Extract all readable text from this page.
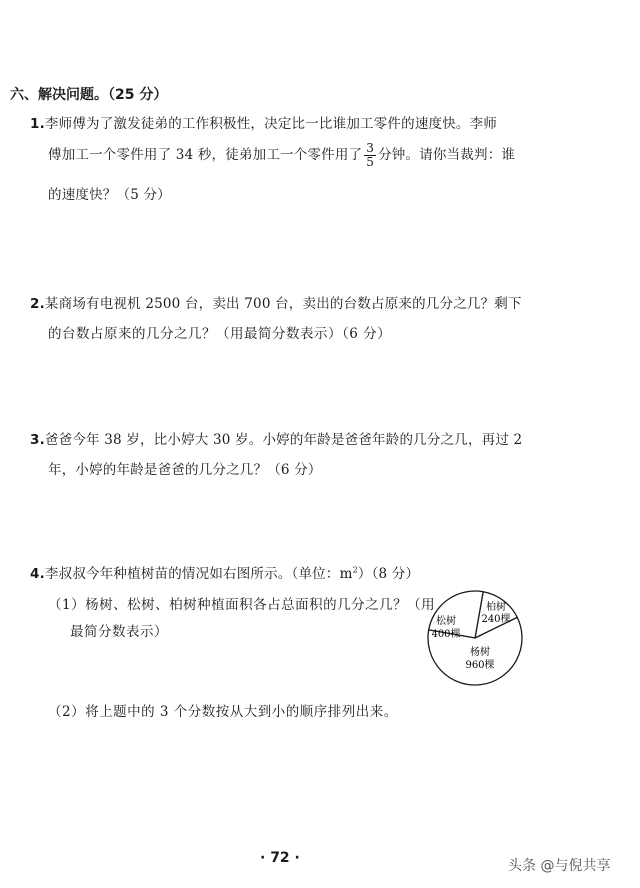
六、解决问题。（25 分）
1.李师傅为了激发徒弟的工作积极性，决定比一比谁加工零件的速度快。李师
傅加工一个零件用了 34 秒，徒弟加工一个零件用了 $\frac{3}{5}$ 分钟。请你当裁判：谁
的速度快？（5 分）
2.某商场有电视机 2500 台，卖出 700 台，卖出的台数占原来的几分之几？剩下
的台数占原来的几分之几？（用最简分数表示）（6 分）
3.爸爸今年 38 岁，比小婷大 30 岁。小婷的年龄是爸爸年龄的几分之几，再过 2
年，小婷的年龄是爸爸的几分之几？（6 分）
4.李叔叔今年种植树苗的情况如右图所示。（单位：$m^2)(8$ 分）
（1）杨树、松树、柏树种植面积各占总面积的几分之几？（用
最简分数表示）
（2）将上题中的 3 个分数按从大到小的顺序排列出来。
柏树
240棵
松树
400棵
杨树
960棵
· 72 ·	头条 @与倪共享
